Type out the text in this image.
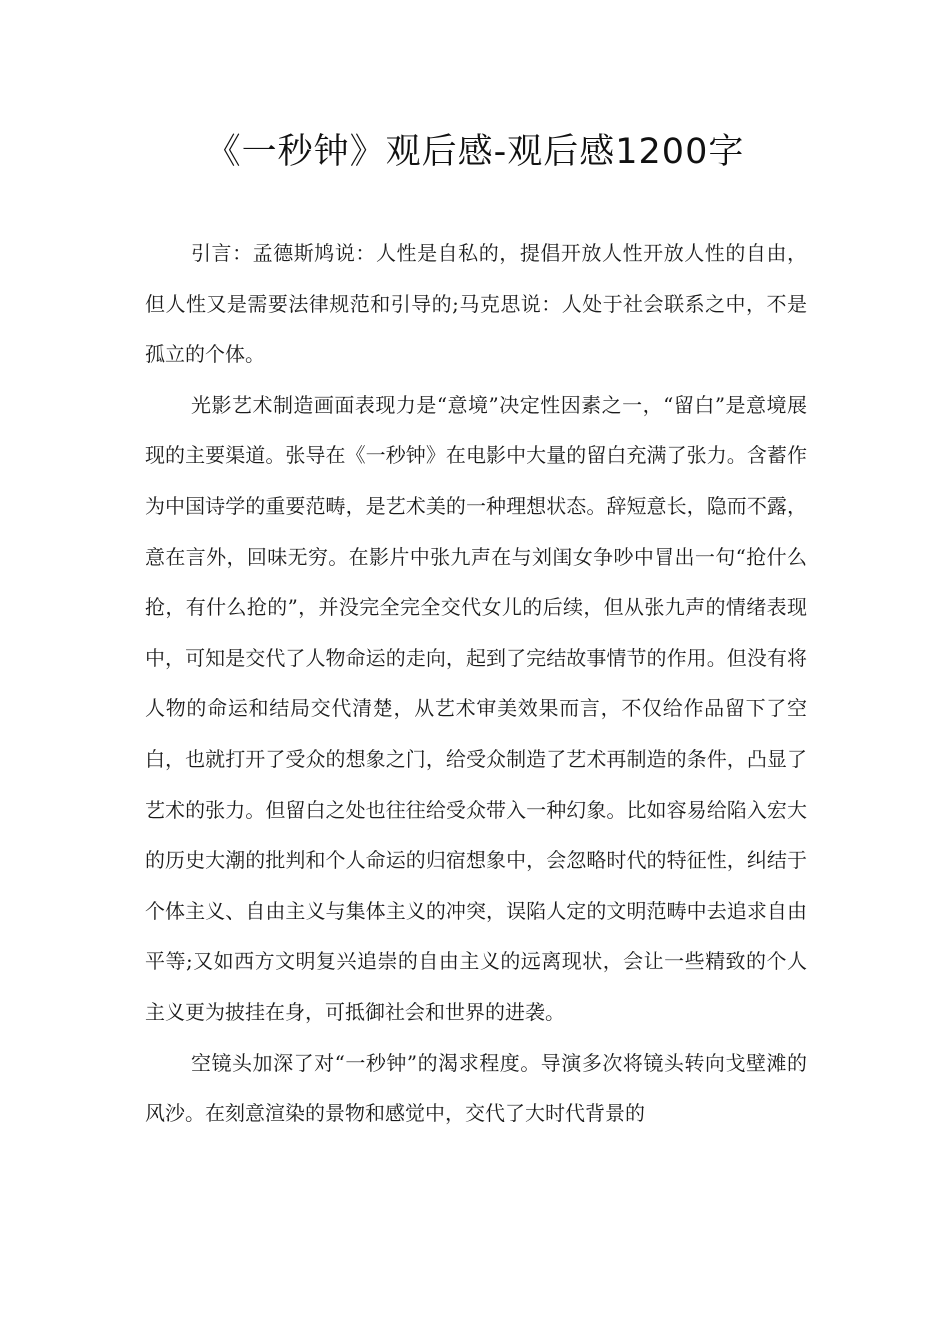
《一秒钟》观后感-观后感1200字

引言：孟德斯鸠说：人性是自私的，提倡开放人性开放人性的自由，但人性又是需要法律规范和引导的;马克思说：人处于社会联系之中，不是孤立的个体。

光影艺术制造画面表现力是“意境”决定性因素之一，“留白”是意境展现的主要渠道。张导在《一秒钟》在电影中大量的留白充满了张力。含蓄作为中国诗学的重要范畴，是艺术美的一种理想状态。辞短意长，隐而不露，意在言外，回味无穷。在影片中张九声在与刘闺女争吵中冒出一句“抢什么抢，有什么抢的”，并没完全完全交代女儿的后续，但从张九声的情绪表现中，可知是交代了人物命运的走向，起到了完结故事情节的作用。但没有将人物的命运和结局交代清楚，从艺术审美效果而言，不仅给作品留下了空白，也就打开了受众的想象之门，给受众制造了艺术再制造的条件，凸显了艺术的张力。但留白之处也往往给受众带入一种幻象。比如容易给陷入宏大的历史大潮的批判和个人命运的归宿想象中，会忽略时代的特征性，纠结于个体主义、自由主义与集体主义的冲突，误陷人定的文明范畴中去追求自由平等;又如西方文明复兴追崇的自由主义的远离现状，会让一些精致的个人主义更为披挂在身，可抵御社会和世界的进袭。

空镜头加深了对“一秒钟”的渴求程度。导演多次将镜头转向戈壁滩的风沙。在刻意渲染的景物和感觉中，交代了大时代背景的
